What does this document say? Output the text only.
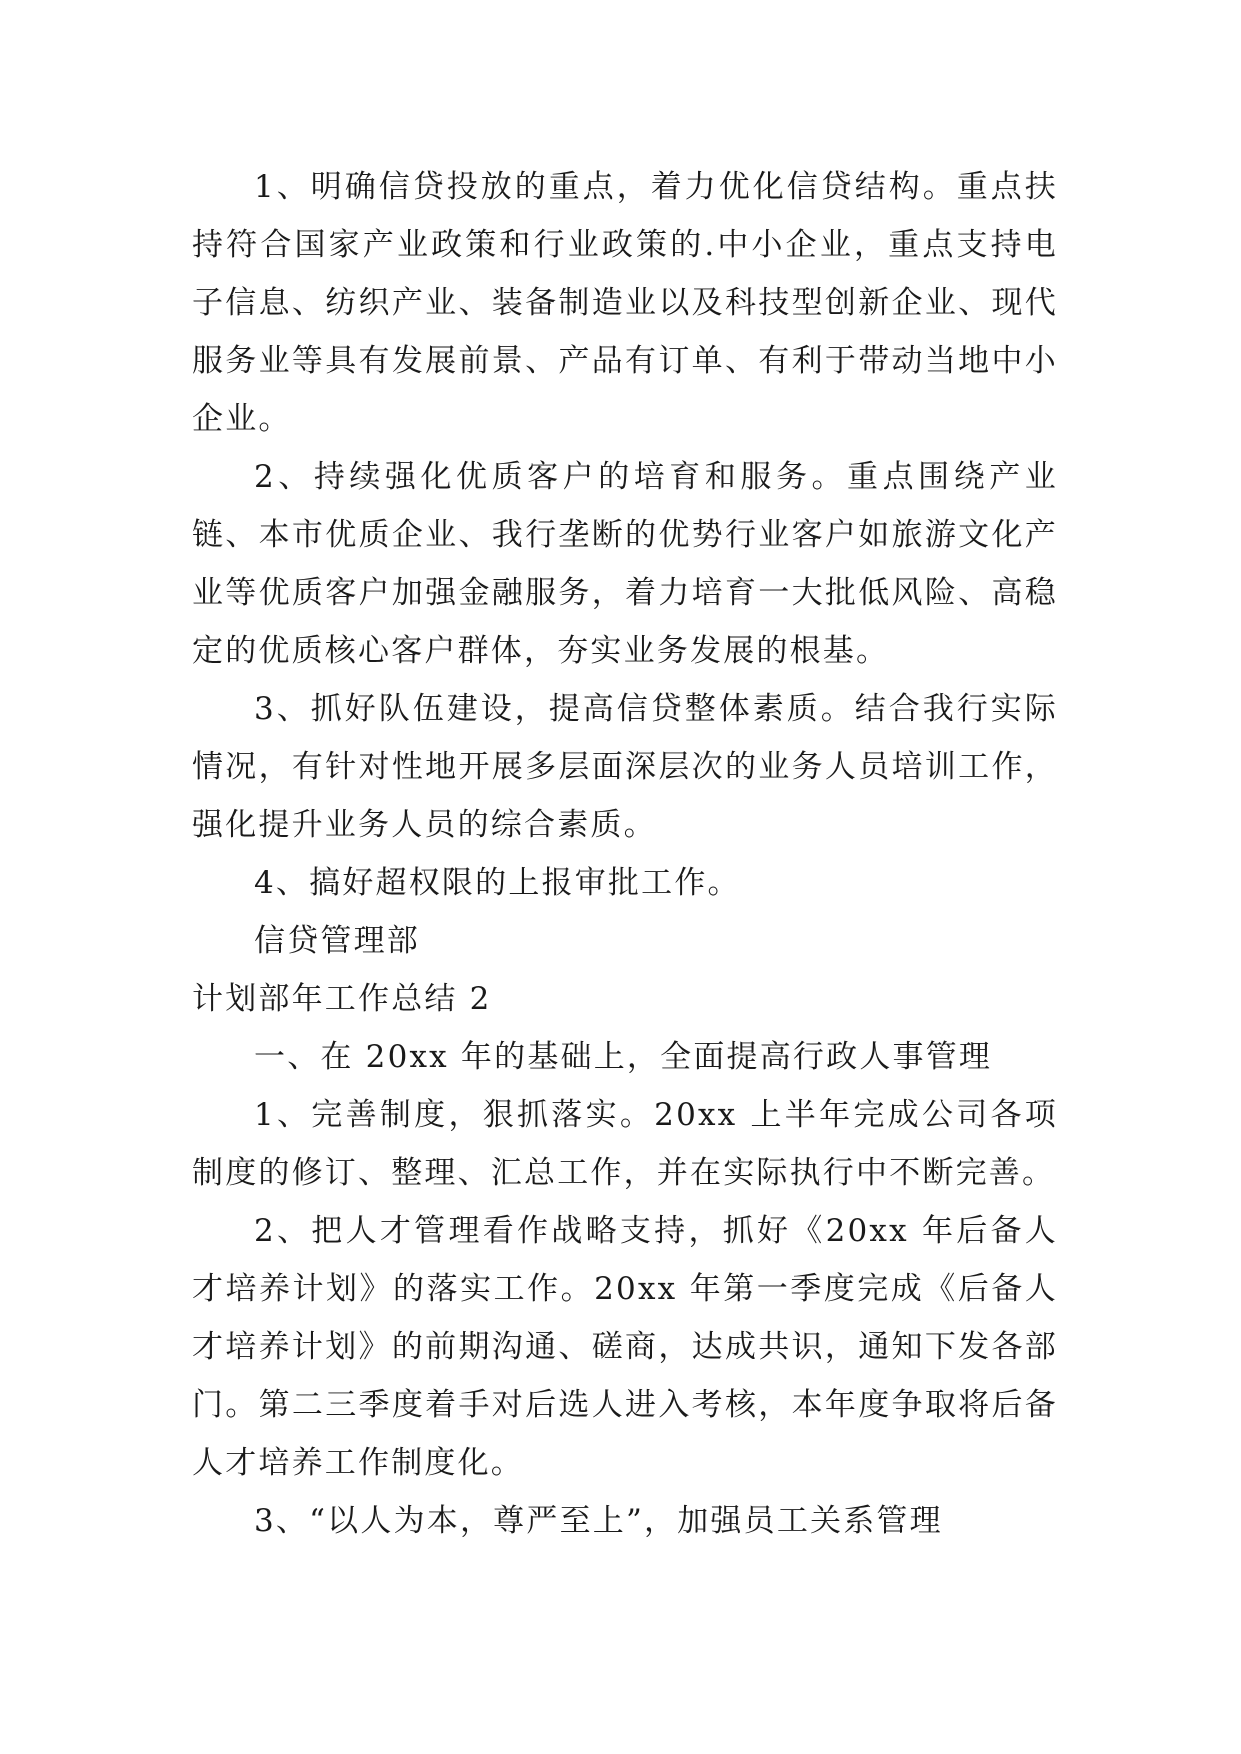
1、明确信贷投放的重点，着力优化信贷结构。重点扶持符合国家产业政策和行业政策的.中小企业，重点支持电子信息、纺织产业、装备制造业以及科技型创新企业、现代服务业等具有发展前景、产品有订单、有利于带动当地中小企业。

2、持续强化优质客户的培育和服务。重点围绕产业链、本市优质企业、我行垄断的优势行业客户如旅游文化产业等优质客户加强金融服务，着力培育一大批低风险、高稳定的优质核心客户群体，夯实业务发展的根基。

3、抓好队伍建设，提高信贷整体素质。结合我行实际情况，有针对性地开展多层面深层次的业务人员培训工作，强化提升业务人员的综合素质。

4、搞好超权限的上报审批工作。

信贷管理部

计划部年工作总结 2

一、在 20xx 年的基础上，全面提高行政人事管理

1、完善制度，狠抓落实。20xx 上半年完成公司各项制度的修订、整理、汇总工作，并在实际执行中不断完善。

2、把人才管理看作战略支持，抓好《20xx 年后备人才培养计划》的落实工作。20xx 年第一季度完成《后备人才培养计划》的前期沟通、磋商，达成共识，通知下发各部门。第二三季度着手对后选人进入考核，本年度争取将后备人才培养工作制度化。

3、“以人为本，尊严至上”，加强员工关系管理
